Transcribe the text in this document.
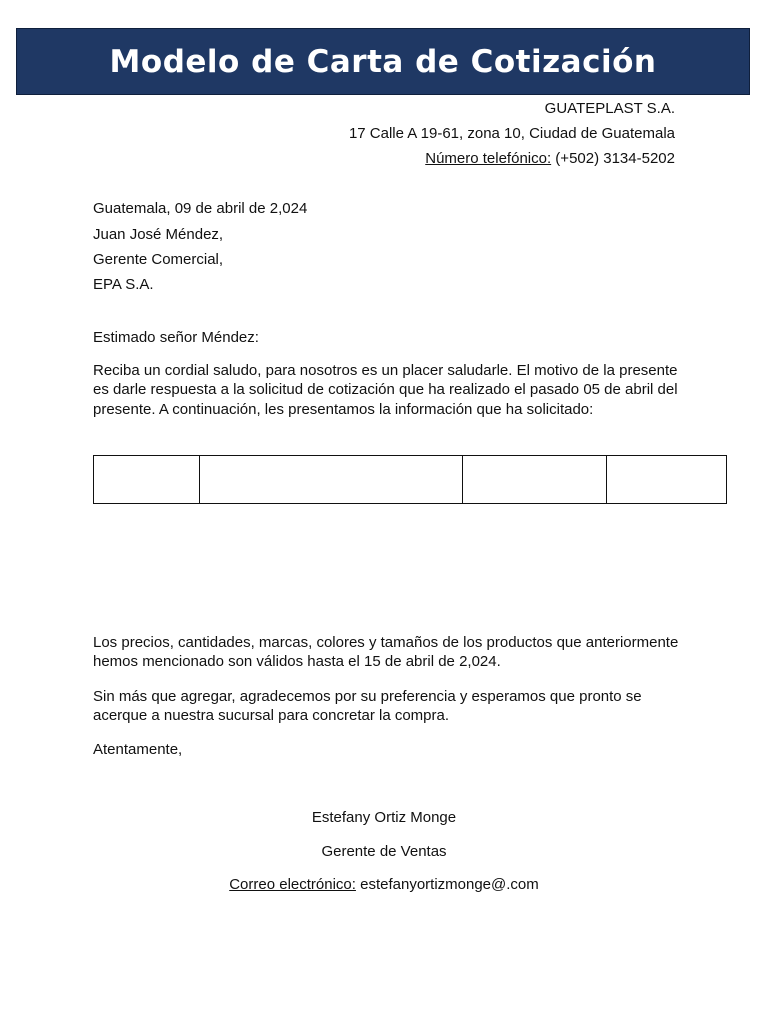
Modelo de Carta de Cotización
GUATEPLAST S.A.
17 Calle A 19-61, zona 10, Ciudad de Guatemala
Número telefónico: (+502) 3134-5202
Guatemala, 09 de abril de 2,024
Juan José Méndez,
Gerente Comercial,
EPA S.A.
Estimado señor Méndez:
Reciba un cordial saludo, para nosotros es un placer saludarle. El motivo de la presente es darle respuesta a la solicitud de cotización que ha realizado el pasado 05 de abril del presente. A continuación, les presentamos la información que ha solicitado:

Los precios, cantidades, marcas, colores y tamaños de los productos que anteriormente hemos mencionado son válidos hasta el 15 de abril de 2,024.
Sin más que agregar, agradecemos por su preferencia y esperamos que pronto se acerque a nuestra sucursal para concretar la compra.
Atentamente,
Estefany Ortiz Monge
Gerente de Ventas
Correo electrónico: estefanyortizmonge@.com
